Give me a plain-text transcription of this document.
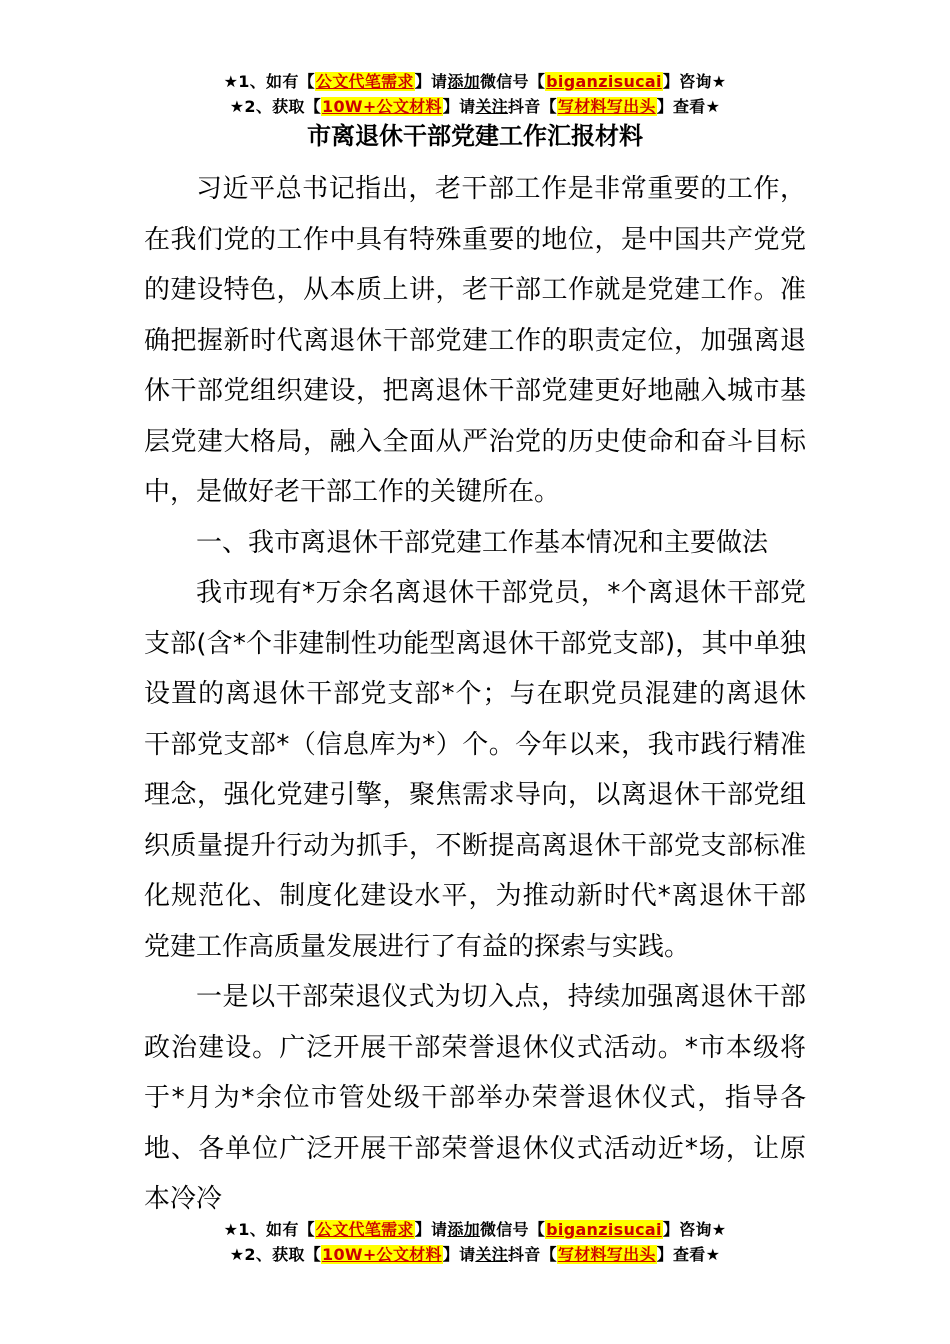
★1、如有【公文代笔需求】请添加微信号【biganzisucai】咨询★
★2、获取【10W+公文材料】请关注抖音【写材料写出头】查看★
市离退休干部党建工作汇报材料

习近平总书记指出，老干部工作是非常重要的工作，在我们党的工作中具有特殊重要的地位，是中国共产党党的建设特色，从本质上讲，老干部工作就是党建工作。准确把握新时代离退休干部党建工作的职责定位，加强离退休干部党组织建设，把离退休干部党建更好地融入城市基层党建大格局，融入全面从严治党的历史使命和奋斗目标中，是做好老干部工作的关键所在。

一、我市离退休干部党建工作基本情况和主要做法

我市现有*万余名离退休干部党员，*个离退休干部党支部(含*个非建制性功能型离退休干部党支部)，其中单独设置的离退休干部党支部*个；与在职党员混建的离退休干部党支部*（信息库为*）个。今年以来，我市践行精准理念，强化党建引擎，聚焦需求导向，以离退休干部党组织质量提升行动为抓手，不断提高离退休干部党支部标准化规范化、制度化建设水平，为推动新时代*离退休干部党建工作高质量发展进行了有益的探索与实践。

一是以干部荣退仪式为切入点，持续加强离退休干部政治建设。广泛开展干部荣誉退休仪式活动。*市本级将于*月为*余位市管处级干部举办荣誉退休仪式，指导各地、各单位广泛开展干部荣誉退休仪式活动近*场，让原本冷冷

★1、如有【公文代笔需求】请添加微信号【biganzisucai】咨询★
★2、获取【10W+公文材料】请关注抖音【写材料写出头】查看★
